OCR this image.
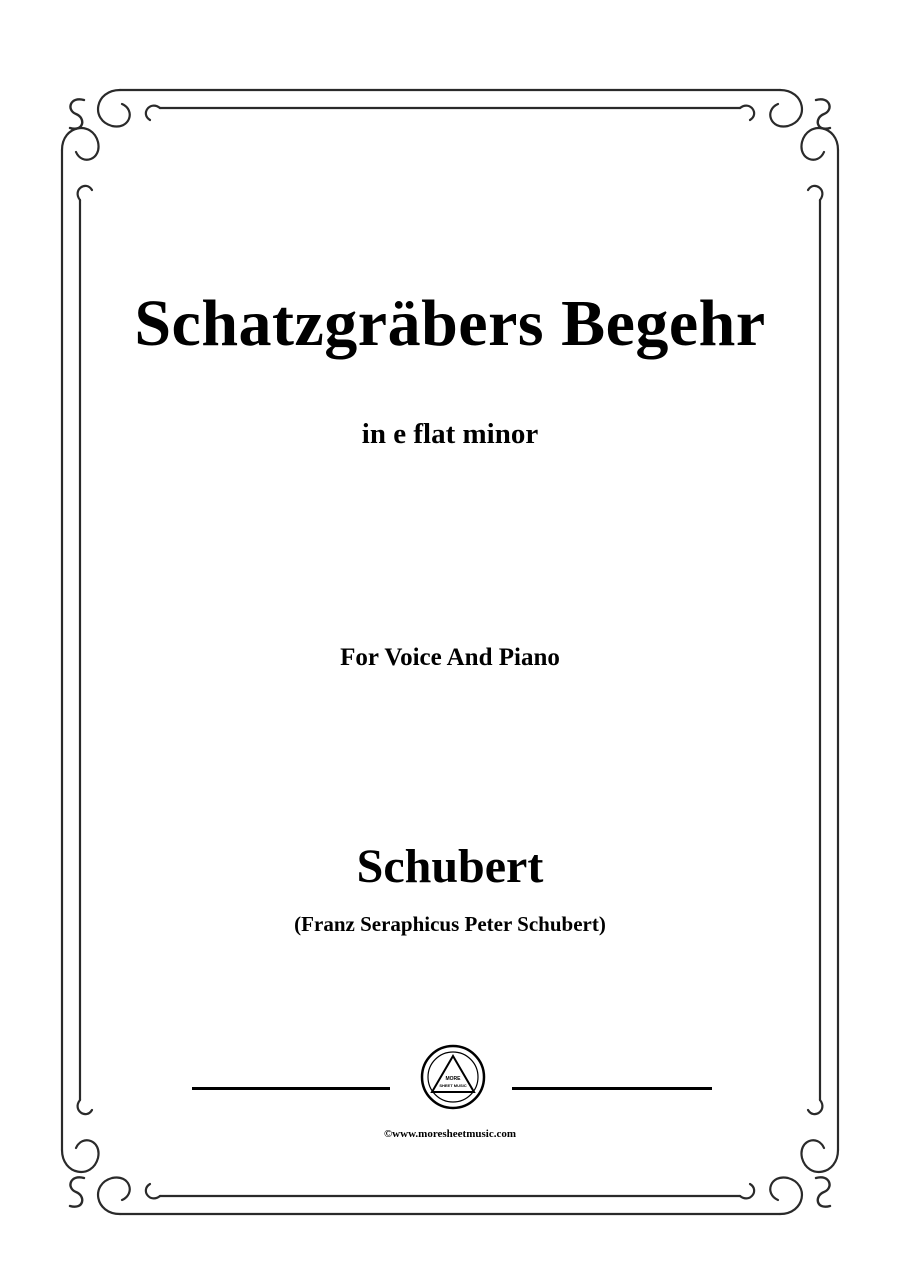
Schatzgräbers Begehr
in e flat minor
For Voice And Piano
Schubert
(Franz Seraphicus Peter Schubert)
MORE
SHEET MUSIC
©www.moresheetmusic.com
